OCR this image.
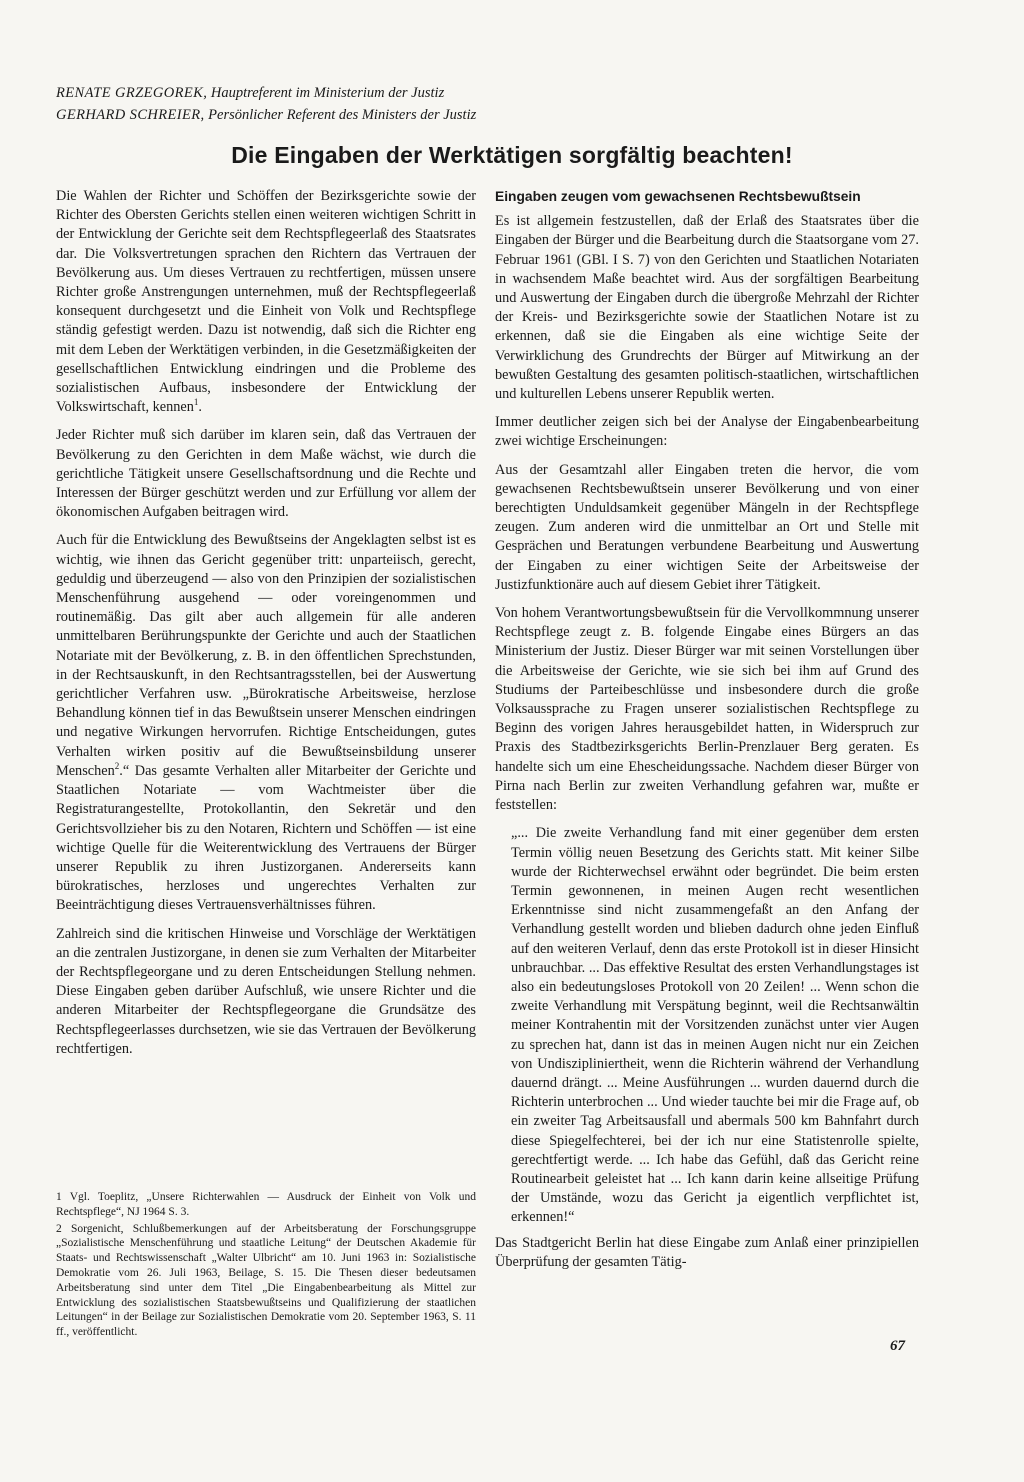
RENATE GRZEGOREK, Hauptreferent im Ministerium der Justiz
GERHARD SCHREIER, Persönlicher Referent des Ministers der Justiz
Die Eingaben der Werktätigen sorgfältig beachten!

Die Wahlen der Richter und Schöffen der Bezirksgerichte sowie der Richter des Obersten Gerichts stellen einen weiteren wichtigen Schritt in der Entwicklung der Gerichte seit dem Rechtspflegeerlaß des Staatsrates dar. Die Volksvertretungen sprachen den Richtern das Vertrauen der Bevölkerung aus. Um dieses Vertrauen zu rechtfertigen, müssen unsere Richter große Anstrengungen unternehmen, muß der Rechtspflegeerlaß konsequent durchgesetzt und die Einheit von Volk und Rechtspflege ständig gefestigt werden. Dazu ist notwendig, daß sich die Richter eng mit dem Leben der Werktätigen verbinden, in die Gesetzmäßigkeiten der gesellschaftlichen Entwicklung eindringen und die Probleme des sozialistischen Aufbaus, insbesondere der Entwicklung der Volkswirtschaft, kennen$^1$.

Jeder Richter muß sich darüber im klaren sein, daß das Vertrauen der Bevölkerung zu den Gerichten in dem Maße wächst, wie durch die gerichtliche Tätigkeit unsere Gesellschaftsordnung und die Rechte und Interessen der Bürger geschützt werden und zur Erfüllung vor allem der ökonomischen Aufgaben beitragen wird.

Auch für die Entwicklung des Bewußtseins der Angeklagten selbst ist es wichtig, wie ihnen das Gericht gegenüber tritt: unparteiisch, gerecht, geduldig und überzeugend — also von den Prinzipien der sozialistischen Menschenführung ausgehend — oder voreingenommen und routinemäßig. Das gilt aber auch allgemein für alle anderen unmittelbaren Berührungspunkte der Gerichte und auch der Staatlichen Notariate mit der Bevölkerung, z. B. in den öffentlichen Sprechstunden, in der Rechtsauskunft, in den Rechtsantragsstellen, bei der Auswertung gerichtlicher Verfahren usw. „Bürokratische Arbeitsweise, herzlose Behandlung können tief in das Bewußtsein unserer Menschen eindringen und negative Wirkungen hervorrufen. Richtige Entscheidungen, gutes Verhalten wirken positiv auf die Bewußtseinsbildung unserer Menschen$^2$.“ Das gesamte Verhalten aller Mitarbeiter der Gerichte und Staatlichen Notariate — vom Wachtmeister über die Registraturangestellte, Protokollantin, den Sekretär und den Gerichtsvollzieher bis zu den Notaren, Richtern und Schöffen — ist eine wichtige Quelle für die Weiterentwicklung des Vertrauens der Bürger unserer Republik zu ihren Justizorganen. Andererseits kann bürokratisches, herzloses und ungerechtes Verhalten zur Beeinträchtigung dieses Vertrauensverhältnisses führen.

Zahlreich sind die kritischen Hinweise und Vorschläge der Werktätigen an die zentralen Justizorgane, in denen sie zum Verhalten der Mitarbeiter der Rechtspflegeorgane und zu deren Entscheidungen Stellung nehmen. Diese Eingaben geben darüber Aufschluß, wie unsere Richter und die anderen Mitarbeiter der Rechtspflegeorgane die Grundsätze des Rechtspflegeerlasses durchsetzen, wie sie das Vertrauen der Bevölkerung rechtfertigen.

1 Vgl. Toeplitz, „Unsere Richterwahlen — Ausdruck der Einheit von Volk und Rechtspflege“, NJ 1964 S. 3.

2 Sorgenicht, Schlußbemerkungen auf der Arbeitsberatung der Forschungsgruppe „Sozialistische Menschenführung und staatliche Leitung“ der Deutschen Akademie für Staats- und Rechtswissenschaft „Walter Ulbricht“ am 10. Juni 1963 in: Sozialistische Demokratie vom 26. Juli 1963, Beilage, S. 15. Die Thesen dieser bedeutsamen Arbeitsberatung sind unter dem Titel „Die Eingabenbearbeitung als Mittel zur Entwicklung des sozialistischen Staatsbewußtseins und Qualifizierung der staatlichen Leitungen“ in der Beilage zur Sozialistischen Demokratie vom 20. September 1963, S. 11 ff., veröffentlicht.

Eingaben zeugen vom gewachsenen Rechtsbewußtsein

Es ist allgemein festzustellen, daß der Erlaß des Staatsrates über die Eingaben der Bürger und die Bearbeitung durch die Staatsorgane vom 27. Februar 1961 (GBl. I S. 7) von den Gerichten und Staatlichen Notariaten in wachsendem Maße beachtet wird. Aus der sorgfältigen Bearbeitung und Auswertung der Eingaben durch die übergroße Mehrzahl der Richter der Kreis- und Bezirksgerichte sowie der Staatlichen Notare ist zu erkennen, daß sie die Eingaben als eine wichtige Seite der Verwirklichung des Grundrechts der Bürger auf Mitwirkung an der bewußten Gestaltung des gesamten politisch-staatlichen, wirtschaftlichen und kulturellen Lebens unserer Republik werten.

Immer deutlicher zeigen sich bei der Analyse der Eingabenbearbeitung zwei wichtige Erscheinungen:

Aus der Gesamtzahl aller Eingaben treten die hervor, die vom gewachsenen Rechtsbewußtsein unserer Bevölkerung und von einer berechtigten Unduldsamkeit gegenüber Mängeln in der Rechtspflege zeugen. Zum anderen wird die unmittelbar an Ort und Stelle mit Gesprächen und Beratungen verbundene Bearbeitung und Auswertung der Eingaben zu einer wichtigen Seite der Arbeitsweise der Justizfunktionäre auch auf diesem Gebiet ihrer Tätigkeit.

Von hohem Verantwortungsbewußtsein für die Vervollkommnung unserer Rechtspflege zeugt z. B. folgende Eingabe eines Bürgers an das Ministerium der Justiz. Dieser Bürger war mit seinen Vorstellungen über die Arbeitsweise der Gerichte, wie sie sich bei ihm auf Grund des Studiums der Parteibeschlüsse und insbesondere durch die große Volksaussprache zu Fragen unserer sozialistischen Rechtspflege zu Beginn des vorigen Jahres herausgebildet hatten, in Widerspruch zur Praxis des Stadtbezirksgerichts Berlin-Prenzlauer Berg geraten. Es handelte sich um eine Ehescheidungssache. Nachdem dieser Bürger von Pirna nach Berlin zur zweiten Verhandlung gefahren war, mußte er feststellen:

„... Die zweite Verhandlung fand mit einer gegenüber dem ersten Termin völlig neuen Besetzung des Gerichts statt. Mit keiner Silbe wurde der Richterwechsel erwähnt oder begründet. Die beim ersten Termin gewonnenen, in meinen Augen recht wesentlichen Erkenntnisse sind nicht zusammengefaßt an den Anfang der Verhandlung gestellt worden und blieben dadurch ohne jeden Einfluß auf den weiteren Verlauf, denn das erste Protokoll ist in dieser Hinsicht unbrauchbar. ... Das effektive Resultat des ersten Verhandlungstages ist also ein bedeutungsloses Protokoll von 20 Zeilen! ... Wenn schon die zweite Verhandlung mit Verspätung beginnt, weil die Rechtsanwältin meiner Kontrahentin mit der Vorsitzenden zunächst unter vier Augen zu sprechen hat, dann ist das in meinen Augen nicht nur ein Zeichen von Undiszipliniertheit, wenn die Richterin während der Verhandlung dauernd drängt. ... Meine Ausführungen ... wurden dauernd durch die Richterin unterbrochen ... Und wieder tauchte bei mir die Frage auf, ob ein zweiter Tag Arbeitsausfall und abermals 500 km Bahnfahrt durch diese Spiegelfechterei, bei der ich nur eine Statistenrolle spielte, gerechtfertigt werde. ... Ich habe das Gefühl, daß das Gericht reine Routinearbeit geleistet hat ... Ich kann darin keine allseitige Prüfung der Umstände, wozu das Gericht ja eigentlich verpflichtet ist, erkennen!“

Das Stadtgericht Berlin hat diese Eingabe zum Anlaß einer prinzipiellen Überprüfung der gesamten Tätig-

67
